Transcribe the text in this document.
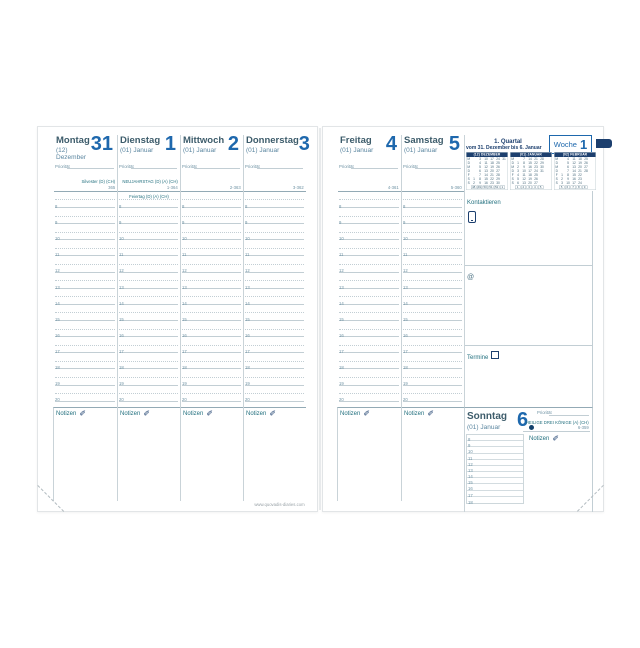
Montag
(12) Dezember
31
Priorität
Silvester (D) (CH)
365
8
9
10
11
12
13
14
15
16
17
18
19
20
Notizen ✐
Dienstag
(01) Januar 1
Priorität
NEUJAHRSTAG (D) (A) (CH)
1-364
8
9
10
11
12
13
14
15
16
17
18
19
20
Feiertag (D) (A) (CH)
Notizen ✐
Mittwoch
(01) Januar 2
Priorität
2-363
8
9
10
11
12
13
14
15
16
17
18
19
20
Notizen ✐
Donnerstag
(01) Januar 3
Priorität
3-362
8
9
10
11
12
13
14
15
16
17
18
19
20
Notizen ✐
www.quovadis-diaries.com
Freitag
(01) Januar 4
Priorität
4-361
8
9
10
11
12
13
14
15
16
17
18
19
20
Notizen ✐
Samstag
(01) Januar 5
Priorität
5-360
8
9
10
11
12
13
14
15
16
17
18
19
20
Notizen ✐
1. Quartal
vom 31. Dezember bis 6. Januar Woche 1
(12) DEZEMBER
M	3 10 17 24 31
D	4 11 18 25
M	5 12 19 26
D	6 13 20 27
F	7 14 21 28
S 1 8 15 22 29
S 2 9 16 23 30
48 49 50 51 52 1
(01) JANUAR
M	7 14 21 28
D 1 8 15 22 29
M 2 9 16 23 30
D 3 10 17 24 31
F 4 11 18 25
S 5 12 19 26
S 6 13 20 27
1 2 3 4 5
(02) FEBRUAR
M	4 11 18 25
D	5 12 19 26
M	6 13 20 27
D	7 14 21 28
F 1 8 15 22
S 2 9 16 23
S 3 10 17 24
5 6 7 8 9
Kontaktieren
@
Termine
Sonntag
(01) Januar 6 Priorität
HEILIGE DREI KÖNIGE (A) (CH)
6-359
8
9
10
11
12
13
14
15
16
17
18
Notizen ✐
